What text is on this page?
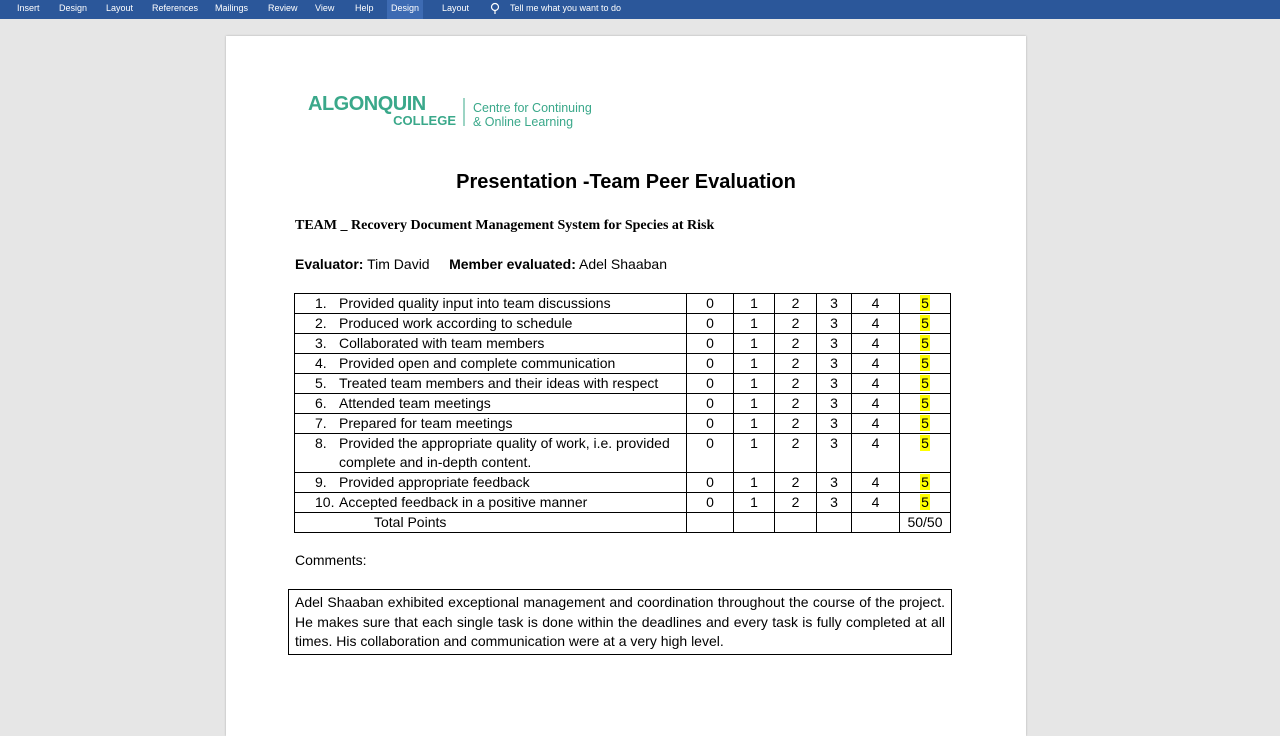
Insert Design Layout References Mailings Review View Help	Design	Layout	Tell me what you want to do
ALGONQUIN
COLLEGE
Centre for Continuing
& Online Learning
Presentation -Team Peer Evaluation
TEAM _ Recovery Document Management System for Species at Risk
Evaluator: Tim David Member evaluated: Adel Shaaban
1. Provided quality input into team discussions	0	1	2	3	4	5
2. Produced work according to schedule	0	1	2	3	4	5
3. Collaborated with team members	0	1	2	3	4	5
4. Provided open and complete communication	0	1	2	3	4	5
5. Treated team members and their ideas with respect	0	1	2	3	4	5
6. Attended team meetings	0	1	2	3	4	5
7. Prepared for team meetings	0	1	2	3	4	5
8. Provided the appropriate quality of work, i.e. provided complete and in-depth content.	0	1	2	3	4	5
9. Provided appropriate feedback	0	1	2	3	4	5
10. Accepted feedback in a positive manner	0	1	2	3	4	5
Total Points						50/50
Comments:
Adel Shaaban exhibited exceptional management and coordination throughout the course of the project. He makes sure that each single task is done within the deadlines and every task is fully completed at all times. His collaboration and communication were at a very high level.
